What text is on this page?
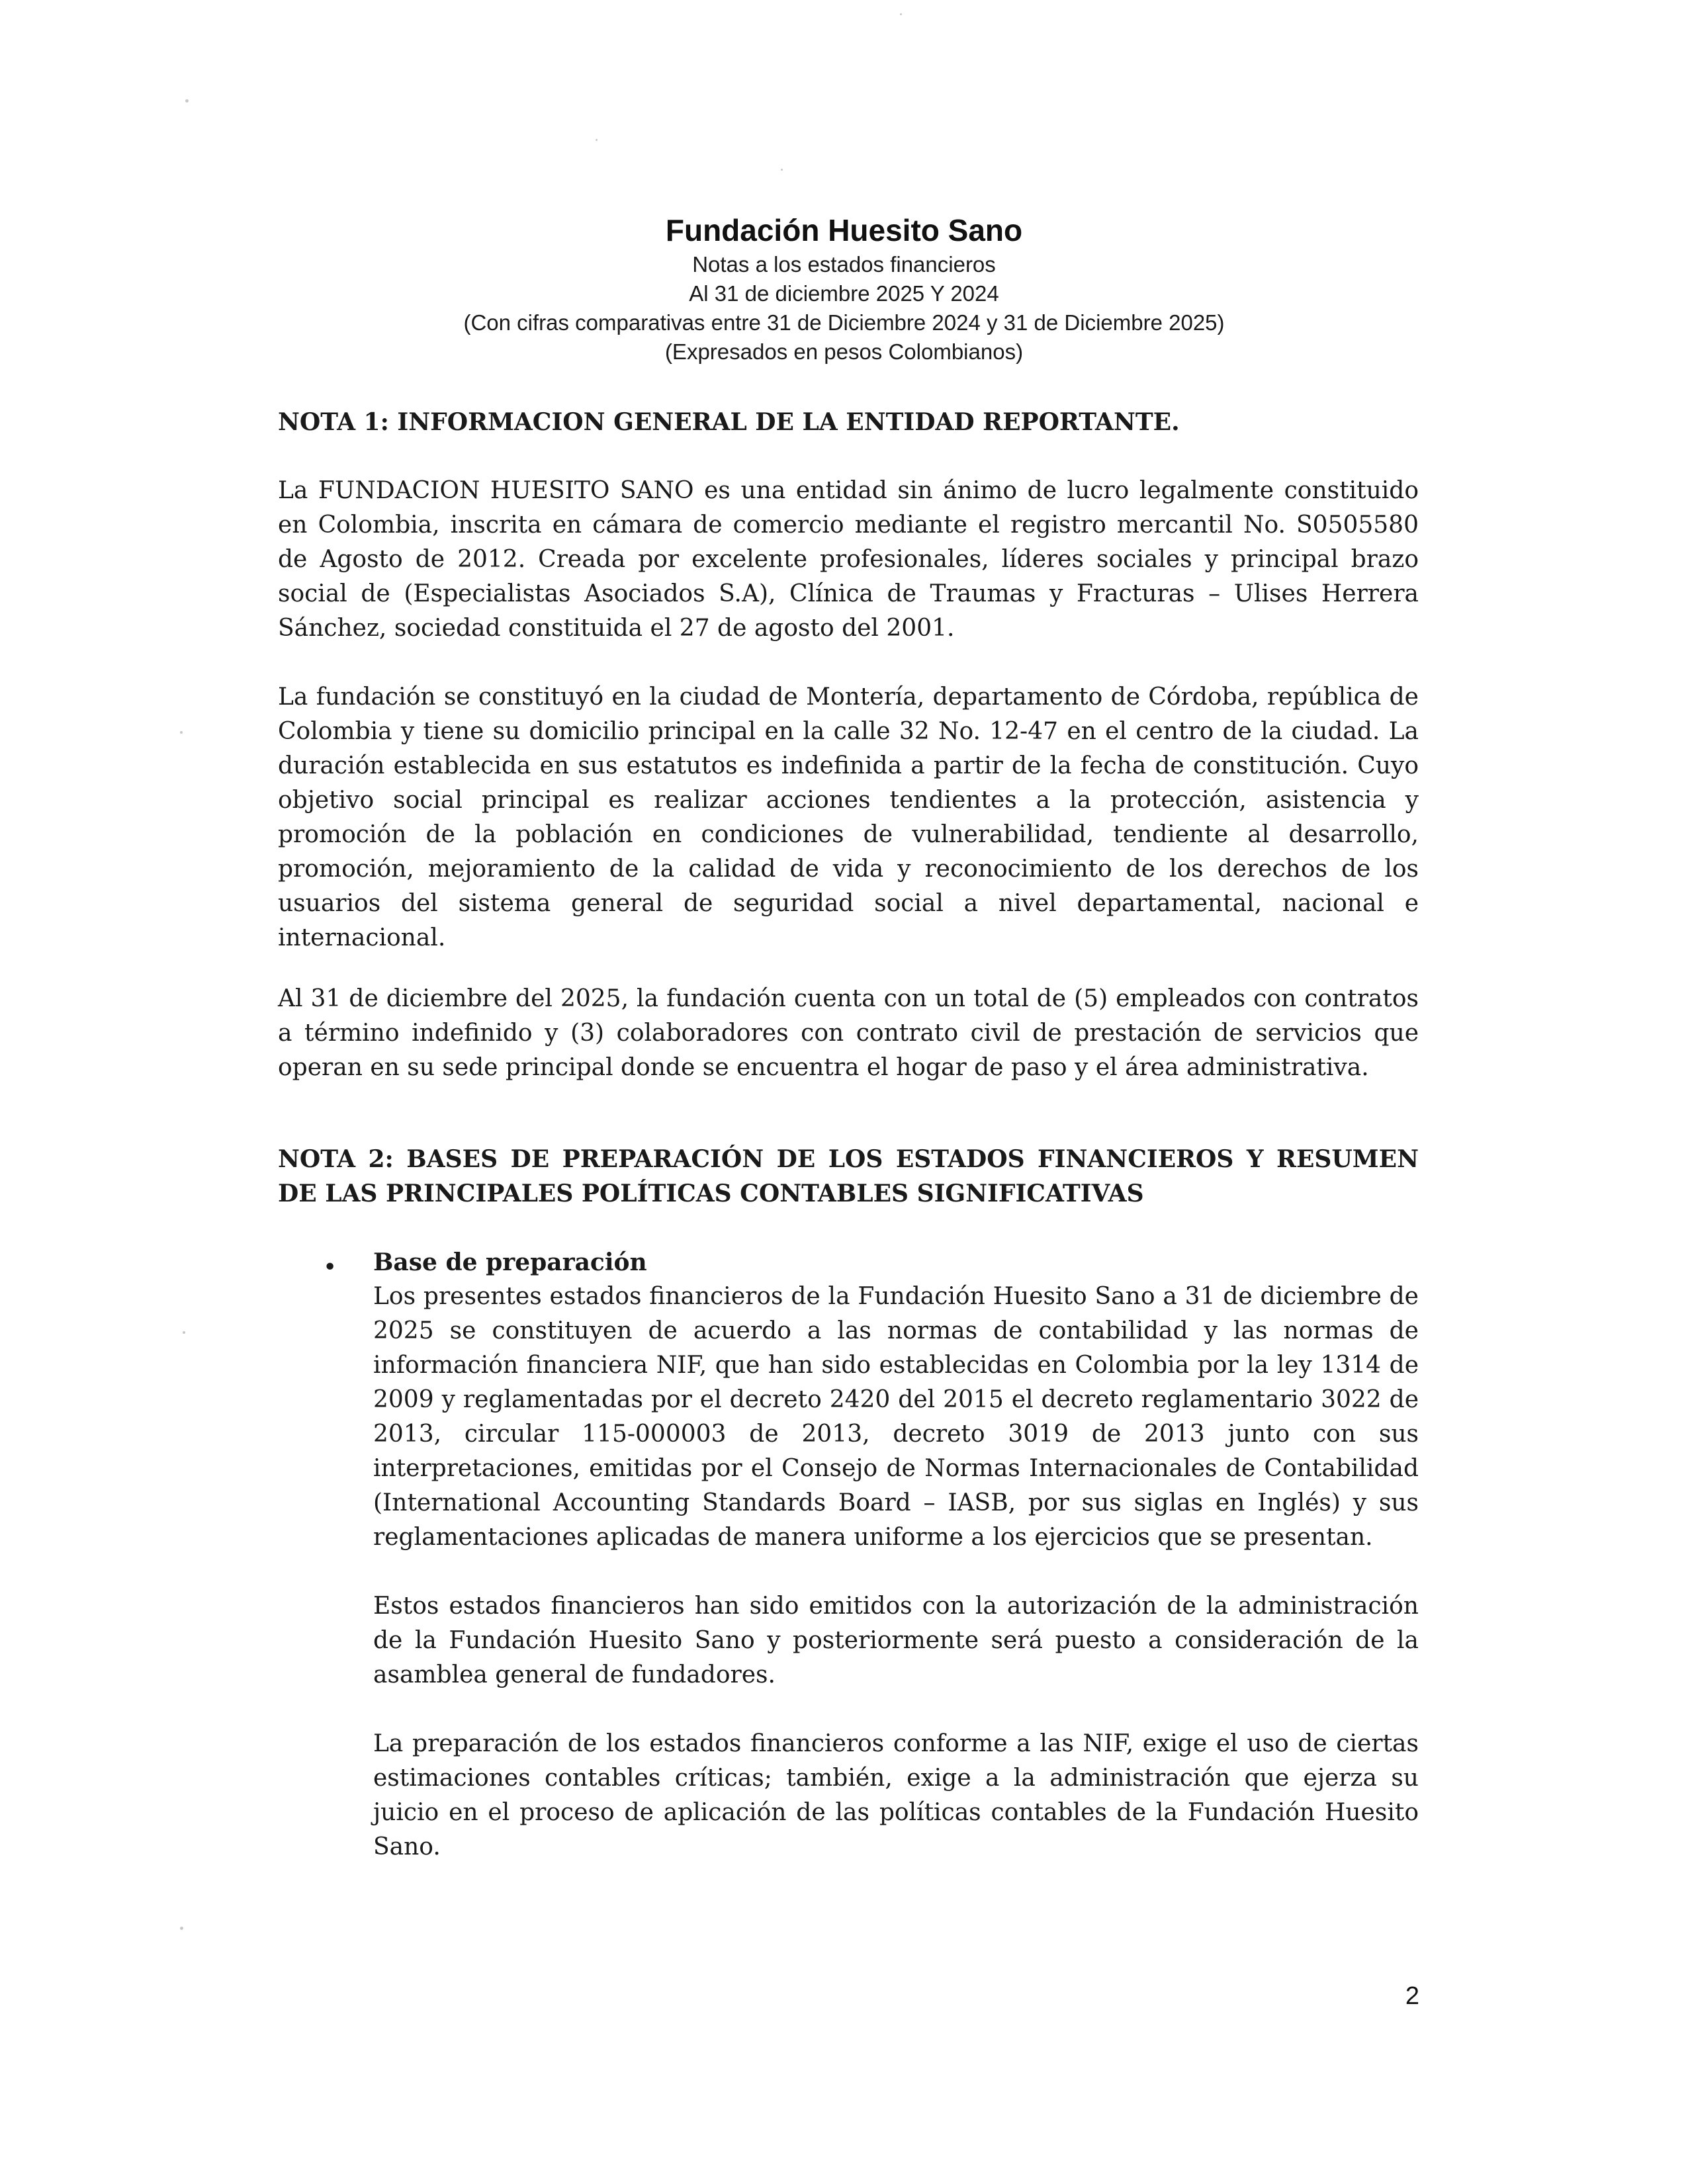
Fundación Huesito Sano
Notas a los estados financieros
Al 31 de diciembre 2025 Y 2024
(Con cifras comparativas entre 31 de Diciembre 2024 y 31 de Diciembre 2025)
(Expresados en pesos Colombianos)
NOTA 1: INFORMACION GENERAL DE LA ENTIDAD REPORTANTE.

La FUNDACION HUESITO SANO es una entidad sin ánimo de lucro legalmente constituido en Colombia, inscrita en cámara de comercio mediante el registro mercantil No. S0505580 de Agosto de 2012. Creada por excelente profesionales, líderes sociales y principal brazo social de (Especialistas Asociados S.A), Clínica de Traumas y Fracturas – Ulises Herrera Sánchez, sociedad constituida el 27 de agosto del 2001.

La fundación se constituyó en la ciudad de Montería, departamento de Córdoba, república de Colombia y tiene su domicilio principal en la calle 32 No. 12-47 en el centro de la ciudad. La duración establecida en sus estatutos es indefinida a partir de la fecha de constitución. Cuyo objetivo social principal es realizar acciones tendientes a la protección, asistencia y promoción de la población en condiciones de vulnerabilidad, tendiente al desarrollo, promoción, mejoramiento de la calidad de vida y reconocimiento de los derechos de los usuarios del sistema general de seguridad social a nivel departamental, nacional e internacional.

Al 31 de diciembre del 2025, la fundación cuenta con un total de (5) empleados con contratos a término indefinido y (3) colaboradores con contrato civil de prestación de servicios que operan en su sede principal donde se encuentra el hogar de paso y el área administrativa.

NOTA 2: BASES DE PREPARACIÓN DE LOS ESTADOS FINANCIEROS Y RESUMEN DE LAS PRINCIPALES POLÍTICAS CONTABLES SIGNIFICATIVAS
• Base de preparación

Los presentes estados financieros de la Fundación Huesito Sano a 31 de diciembre de 2025 se constituyen de acuerdo a las normas de contabilidad y las normas de información financiera NIF, que han sido establecidas en Colombia por la ley 1314 de 2009 y reglamentadas por el decreto 2420 del 2015 el decreto reglamentario 3022 de 2013, circular 115-000003 de 2013, decreto 3019 de 2013 junto con sus interpretaciones, emitidas por el Consejo de Normas Internacionales de Contabilidad (International Accounting Standards Board – IASB, por sus siglas en Inglés) y sus reglamentaciones aplicadas de manera uniforme a los ejercicios que se presentan.

Estos estados financieros han sido emitidos con la autorización de la administración de la Fundación Huesito Sano y posteriormente será puesto a consideración de la asamblea general de fundadores.

La preparación de los estados financieros conforme a las NIF, exige el uso de ciertas estimaciones contables críticas; también, exige a la administración que ejerza su juicio en el proceso de aplicación de las políticas contables de la Fundación Huesito Sano.

2
